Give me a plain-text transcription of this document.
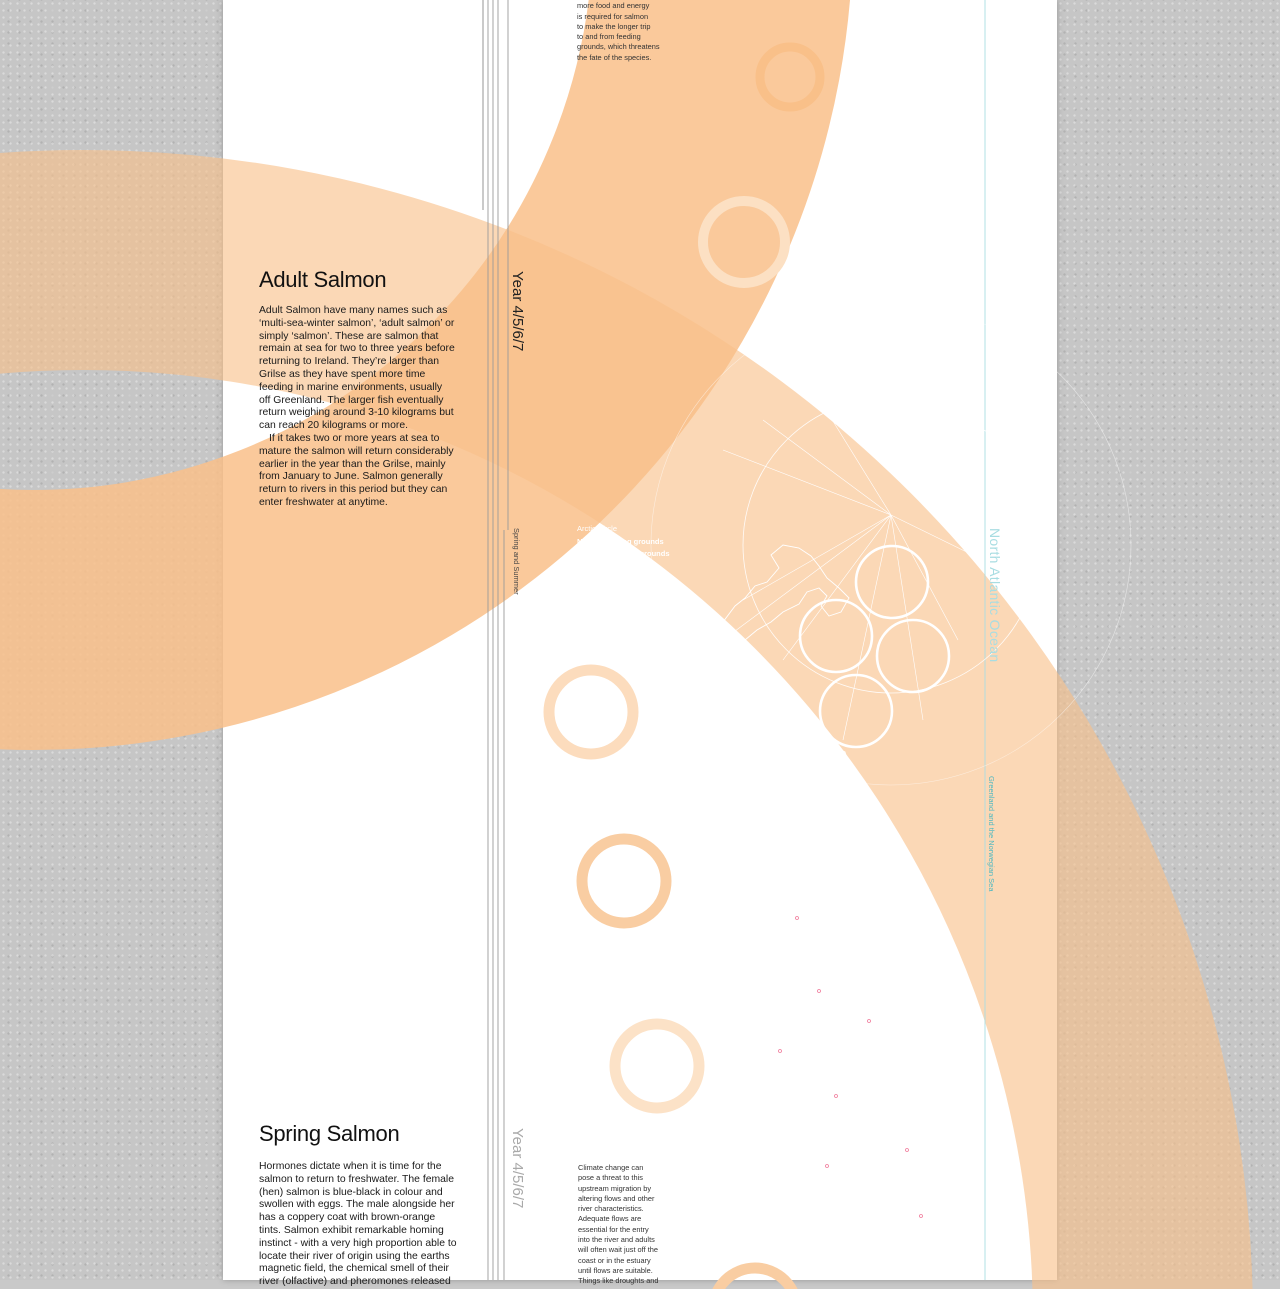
more food and energy
is required for salmon
to make the longer trip
to and from feeding
grounds, which threatens
the fate of the species.
Adult Salmon
Adult Salmon have many names such as ‘multi-sea-winter salmon’, ‘adult salmon’ or simply ‘salmon’. These are salmon that remain at sea for two to three years before returning to Ireland. They’re larger than Grilse as they have spent more time feeding in marine environments, usually off Greenland. The larger fish eventually return weighing around 3-10 kilograms but can reach 20 kilograms or more.
If it takes two or more years at sea to mature the salmon will return considerably earlier in the year than the Grilse, mainly from January to June. Salmon generally return to rivers in this period but they can enter freshwater at anytime.
Year 4/5/6/7
Spring and Summer
Year 4/5/6/7
Arctic Circle
Normal feeding grounds
Potential feeding grounds	North Atlantic Ocean
Greenland and the Norwegian Sea
Spring Salmon
Hormones dictate when it is time for the salmon to return to freshwater. The female (hen) salmon is blue-black in colour and swollen with eggs. The male alongside her has a coppery coat with brown-orange tints. Salmon exhibit remarkable homing instinct - with a very high proportion able to locate their river of origin using the earths magnetic field, the chemical smell of their river (olfactive) and pheromones released
Climate change can
pose a threat to this
upstream migration by
altering flows and other
river characteristics.
Adequate flows are
essential for the entry
into the river and adults
will often wait just off the
coast or in the estuary
until flows are suitable.
Things like droughts and
